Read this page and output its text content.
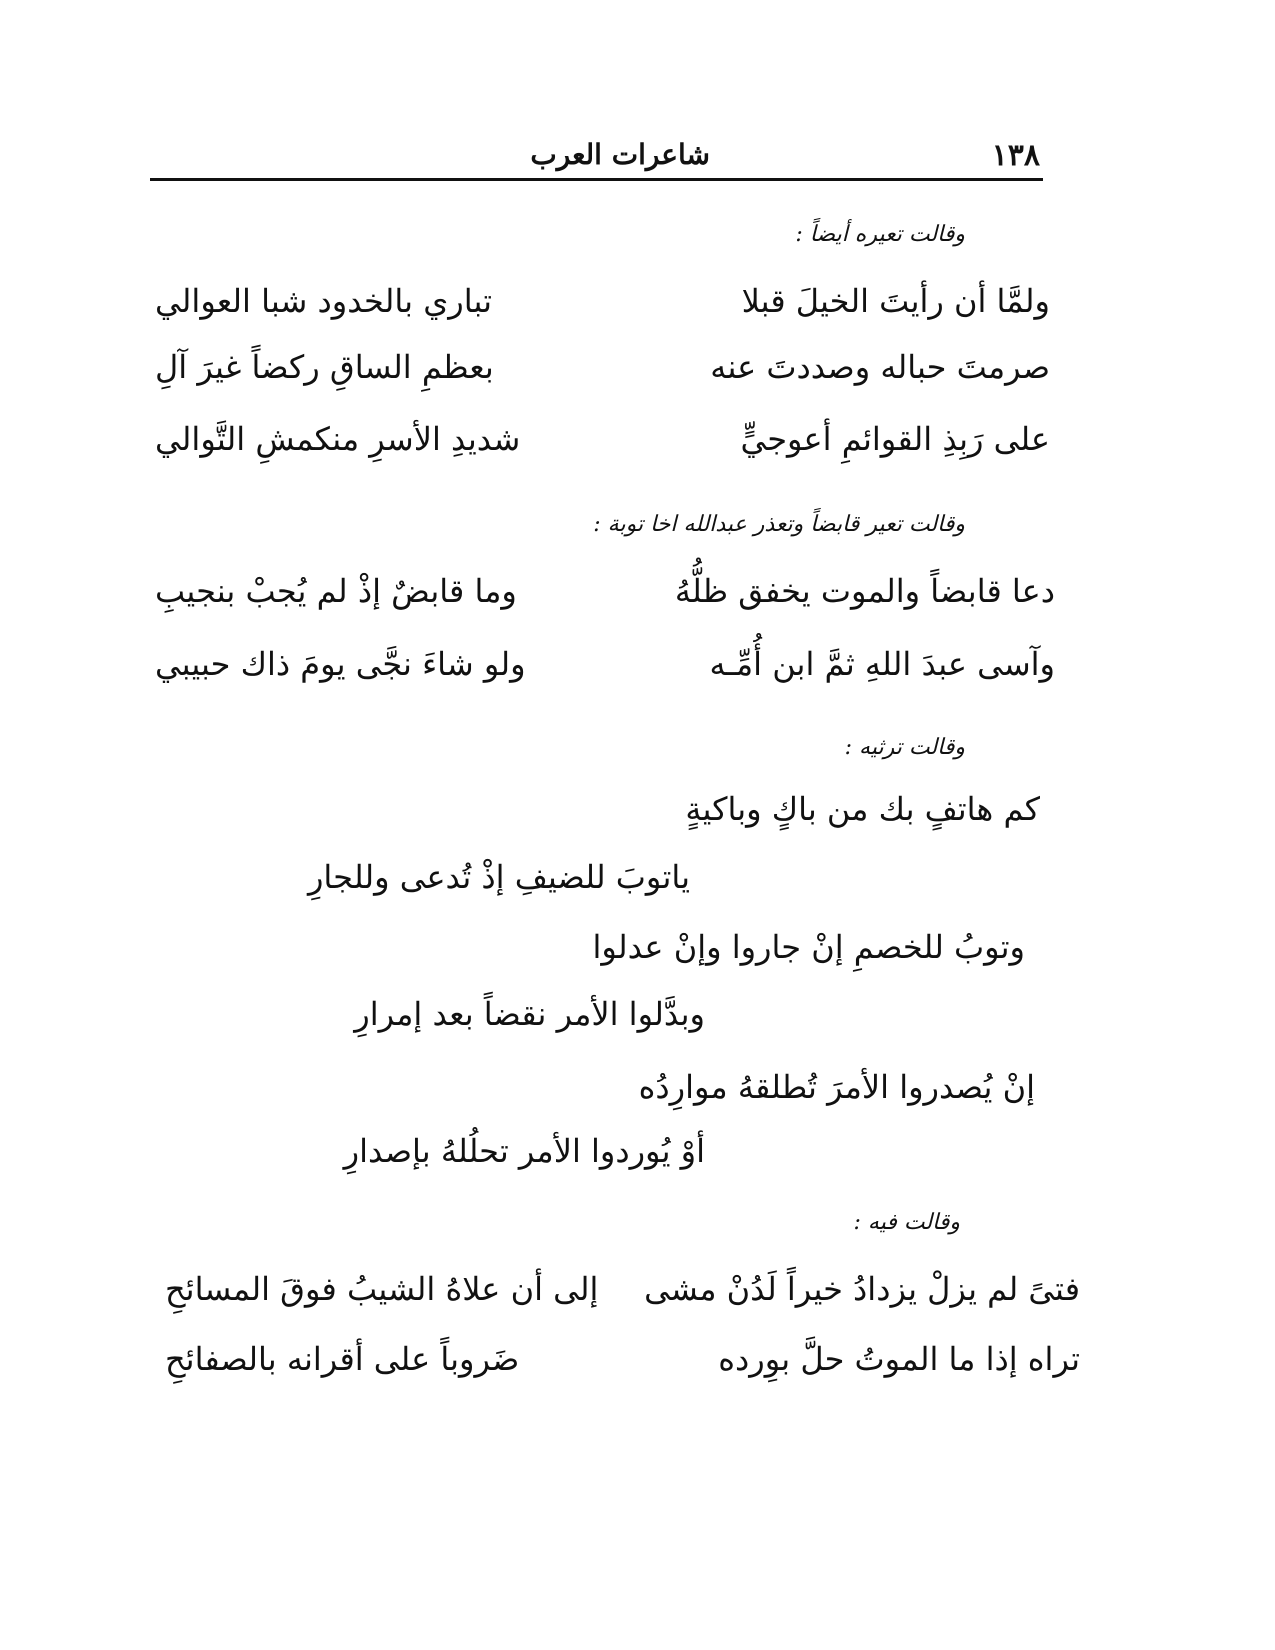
١٣٨
شاعرات العرب
وقالت تعيره أيضاً :
ولمَّا أن رأيتَ الخيلَ قبلا
تباري بالخدود شبا العوالي
صرمتَ حباله وصددتَ عنه
بعظمِ الساقِ ركضاً غيرَ آلِ
على رَبِذِ القوائمِ أعوجيٍّ
شديدِ الأسرِ منكمشِ التَّوالي
وقالت تعير قابضاً وتعذر عبدالله اخا توبة :
دعا قابضاً والموت يخفق ظلُّهُ
وما قابضٌ إذْ لم يُجبْ بنجيبِ
وآسى عبدَ اللهِ ثمَّ ابن أُمِّـه
ولو شاءَ نجَّى يومَ ذاك حبيبي
وقالت ترثيه :
كم هاتفٍ بك من باكٍ وباكيةٍ
ياتوبَ للضيفِ إذْ تُدعى وللجارِ
وتوبُ للخصمِ إنْ جاروا وإنْ عدلوا
وبدَّلوا الأمر نقضاً بعد إمرارِ
إنْ يُصدروا الأمرَ تُطلقهُ موارِدُه
أوْ يُوردوا الأمر تحلُلهُ بإصدارِ
وقالت فيه :
فتىً لم يزلْ يزدادُ خيراً لَدُنْ مشى
إلى أن علاهُ الشيبُ فوقَ المسائحِ
تراه إذا ما الموتُ حلَّ بوِرده
ضَروباً على أقرانه بالصفائحِ
